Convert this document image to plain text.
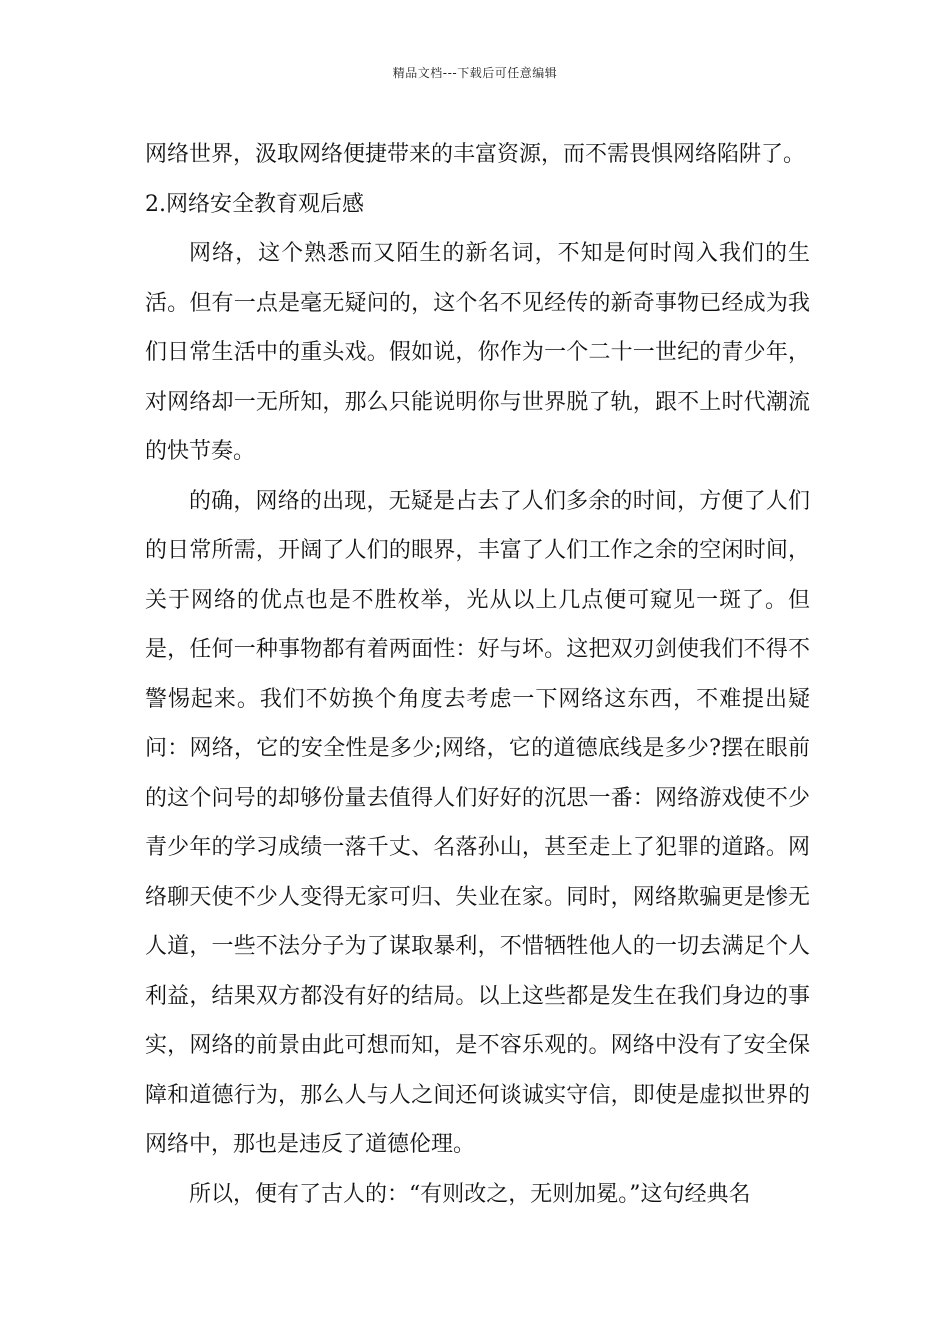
精品文档---下载后可任意编辑

网络世界，汲取网络便捷带来的丰富资源，而不需畏惧网络陷阱了。

2.网络安全教育观后感

网络，这个熟悉而又陌生的新名词，不知是何时闯入我们的生活。但有一点是毫无疑问的，这个名不见经传的新奇事物已经成为我们日常生活中的重头戏。假如说，你作为一个二十一世纪的青少年，对网络却一无所知，那么只能说明你与世界脱了轨，跟不上时代潮流的快节奏。

的确，网络的出现，无疑是占去了人们多余的时间，方便了人们的日常所需，开阔了人们的眼界，丰富了人们工作之余的空闲时间，关于网络的优点也是不胜枚举，光从以上几点便可窥见一斑了。但是，任何一种事物都有着两面性：好与坏。这把双刃剑使我们不得不警惕起来。我们不妨换个角度去考虑一下网络这东西，不难提出疑问：网络，它的安全性是多少;网络，它的道德底线是多少?摆在眼前的这个问号的却够份量去值得人们好好的沉思一番：网络游戏使不少青少年的学习成绩一落千丈、名落孙山，甚至走上了犯罪的道路。网络聊天使不少人变得无家可归、失业在家。同时，网络欺骗更是惨无人道，一些不法分子为了谋取暴利，不惜牺牲他人的一切去满足个人利益，结果双方都没有好的结局。以上这些都是发生在我们身边的事实，网络的前景由此可想而知，是不容乐观的。网络中没有了安全保障和道德行为，那么人与人之间还何谈诚实守信，即使是虚拟世界的网络中，那也是违反了道德伦理。

所以，便有了古人的：“有则改之，无则加冕。”这句经典名
